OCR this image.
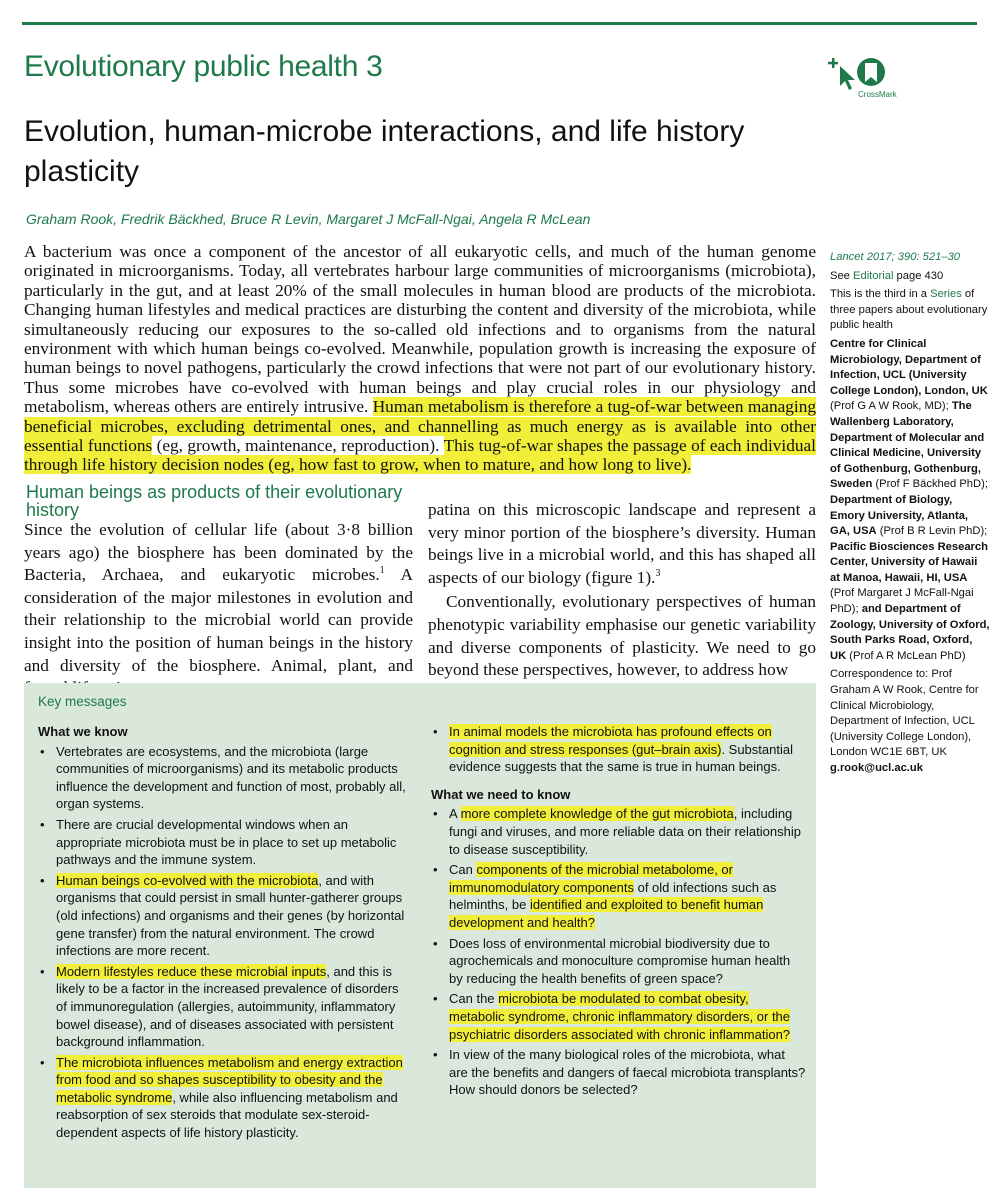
Evolutionary public health 3
CrossMark
Evolution, human-microbe interactions, and life history plasticity
Graham Rook, Fredrik Bäckhed, Bruce R Levin, Margaret J McFall-Ngai, Angela R McLean

A bacterium was once a component of the ancestor of all eukaryotic cells, and much of the human genome originated in microorganisms. Today, all vertebrates harbour large communities of microorganisms (microbiota), particularly in the gut, and at least 20% of the small molecules in human blood are products of the microbiota. Changing human lifestyles and medical practices are disturbing the content and diversity of the microbiota, while simultaneously reducing our exposures to the so-called old infections and to organisms from the natural environment with which human beings co-evolved. Meanwhile, population growth is increasing the exposure of human beings to novel pathogens, particularly the crowd infections that were not part of our evolutionary history. Thus some microbes have co-evolved with human beings and play crucial roles in our physiology and metabolism, whereas others are entirely intrusive. Human metabolism is therefore a tug-of-war between managing beneficial microbes, excluding detrimental ones, and channelling as much energy as is available into other essential functions (eg, growth, maintenance, reproduction). This tug-of-war shapes the passage of each individual through life history decision nodes (eg, how fast to grow, when to mature, and how long to live).

Human beings as products of their evolutionary history

Since the evolution of cellular life (about 3·8 billion years ago) the biosphere has been dominated by the Bacteria, Archaea, and eukaryotic microbes.$^1$ A consideration of the major milestones in evolution and their relationship to the microbial world can provide insight into the position of human beings in the history and diversity of the biosphere. Animal, plant, and

patina on this microscopic landscape and represent a very minor portion of the biosphere’s diversity. Human beings live in a microbial world, and this has shaped all aspects of our biology (figure 1).$^3$

Conventionally, evolutionary perspectives of human phenotypic variability emphasise our genetic variability and diverse components of plasticity. We need to go beyond these perspectives, however, to address how

Lancet 2017; 390: 521–30

See Editorial page 430

This is the third in a Series of three papers about evolutionary public health

Centre for Clinical Microbiology, Department of Infection, UCL (University College London), London, UK (Prof G A W Rook, MD); The Wallenberg Laboratory, Department of Molecular and Clinical Medicine, University of Gothenburg, Gothenburg, Sweden (Prof F Bäckhed PhD); Department of Biology, Emory University, Atlanta, GA, USA (Prof B R Levin PhD); Pacific Biosciences Research Center, University of Hawaii at Manoa, Hawaii, HI, USA (Prof Margaret J McFall-Ngai PhD); and Department of Zoology, University of Oxford, South Parks Road, Oxford, UK (Prof A R McLean PhD)

Correspondence to: Prof Graham A W Rook, Centre for Clinical Microbiology, Department of Infection, UCL (University College London), London WC1E 6BT, UK
g.rook@ucl.ac.uk

Key messages
What we know
• Vertebrates are ecosystems, and the microbiota (large communities of microorganisms) and its metabolic products influence the development and function of most, probably all, organ systems.
• There are crucial developmental windows when an appropriate microbiota must be in place to set up metabolic pathways and the immune system.
• Human beings co-evolved with the microbiota, and with organisms that could persist in small hunter-gatherer groups (old infections) and organisms and their genes (by horizontal gene transfer) from the natural environment. The crowd infections are more recent.
• Modern lifestyles reduce these microbial inputs, and this is likely to be a factor in the increased prevalence of disorders of immunoregulation (allergies, autoimmunity, inflammatory bowel disease), and of diseases associated with persistent background inflammation.
• The microbiota influences metabolism and energy extraction from food and so shapes susceptibility to obesity and the metabolic syndrome, while also influencing metabolism and reabsorption of sex steroids that modulate sex-steroid-dependent aspects of life history plasticity.
• In animal models the microbiota has profound effects on cognition and stress responses (gut–brain axis). Substantial evidence suggests that the same is true in human beings.
What we need to know
• A more complete knowledge of the gut microbiota, including fungi and viruses, and more reliable data on their relationship to disease susceptibility.
• Can components of the microbial metabolome, or immunomodulatory components of old infections such as helminths, be identified and exploited to benefit human development and health?
• Does loss of environmental microbial biodiversity due to agrochemicals and monoculture compromise human health by reducing the health benefits of green space?
• Can the microbiota be modulated to combat obesity, metabolic syndrome, chronic inflammatory disorders, or the psychiatric disorders associated with chronic inflammation?
• In view of the many biological roles of the microbiota, what are the benefits and dangers of faecal microbiota transplants? How should donors be selected?
